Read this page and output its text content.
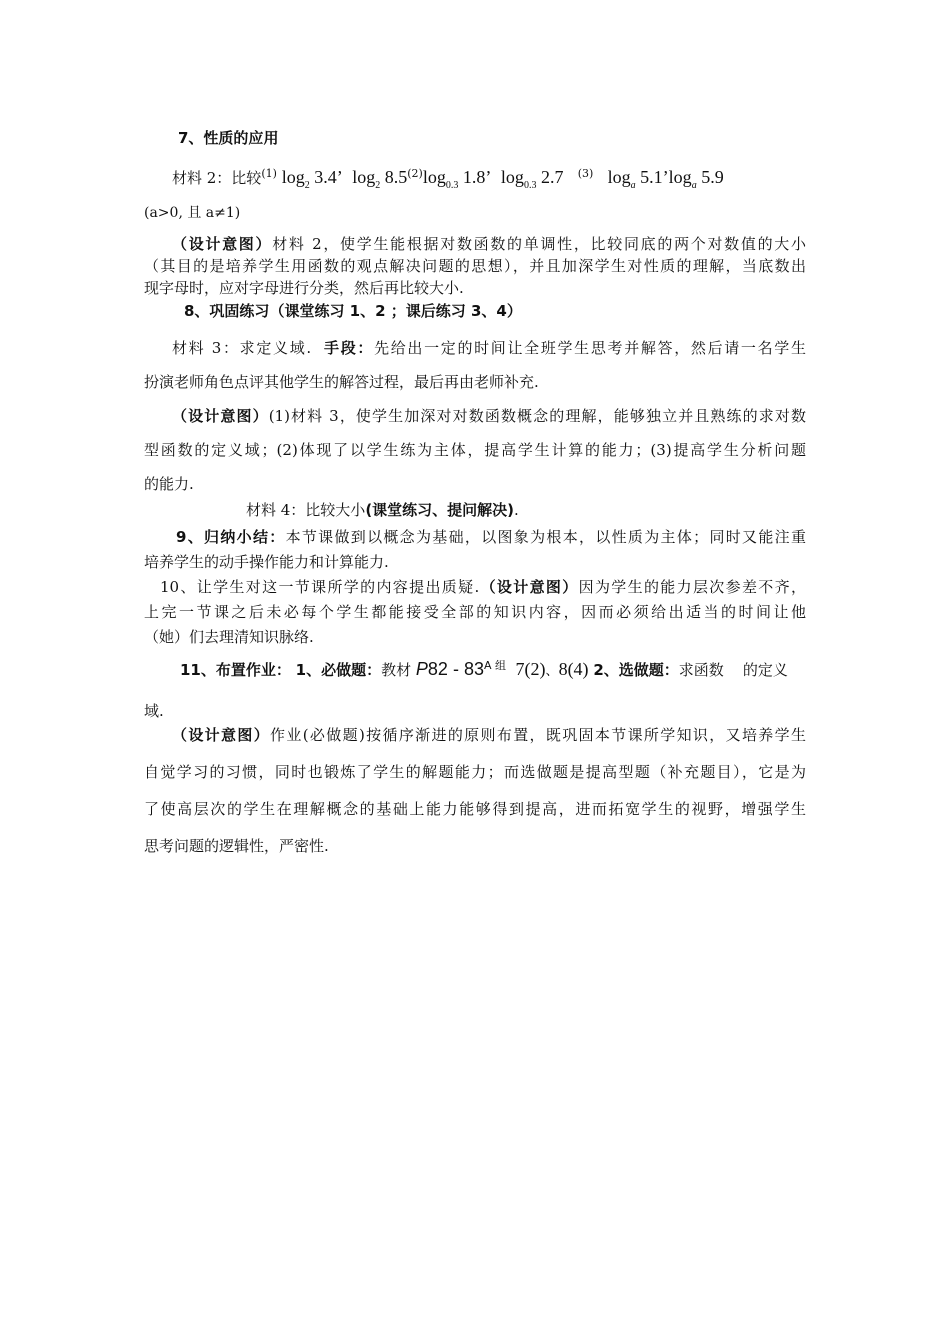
7、性质的应用
材料 2：比较$^{(1)}$ $\log_2 3.4$’ $\log_2 8.5^{(2)}\log_{0.3}$ 1.8’ $\log_{0.3} 2.7$ $^{(3)}$ $\log_a$ $5.1’\log_a$ 5.9
(a>0, 且 a≠1)
（设计意图）材料 2，使学生能根据对数函数的单调性，比较同底的两个对数值的大小
（其目的是培养学生用函数的观点解决问题的思想），并且加深学生对性质的理解，当底数出
现字母时，应对字母进行分类，然后再比较大小.
8、巩固练习（课堂练习 1、2 ；课后练习 3、4）
材料 3：求定义域. 手段：先给出一定的时间让全班学生思考并解答，然后请一名学生
扮演老师角色点评其他学生的解答过程，最后再由老师补充.
（设计意图）(1)材料 3，使学生加深对对数函数概念的理解，能够独立并且熟练的求对数
型函数的定义域；(2)体现了以学生练为主体，提高学生计算的能力；(3)提高学生分析问题
的能力.
材料 4：比较大小(课堂练习、提问解决).
9、归纳小结：本节课做到以概念为基础，以图象为根本，以性质为主体；同时又能注重
培养学生的动手操作能力和计算能力.
10、让学生对这一节课所学的内容提出质疑.（设计意图）因为学生的能力层次参差不齐，
上完一节课之后未必每个学生都能接受全部的知识内容，因而必须给出适当的时间让他
（她）们去理清知识脉络.
11、布置作业： 1、必做题：教材 $P82 - 83^{A 组}$ 7(2)、8(4) 2、选做题：求函数 的定义
域.
（设计意图）作业(必做题)按循序渐进的原则布置，既巩固本节课所学知识，又培养学生
自觉学习的习惯，同时也锻炼了学生的解题能力；而选做题是提高型题（补充题目），它是为
了使高层次的学生在理解概念的基础上能力能够得到提高，进而拓宽学生的视野，增强学生
思考问题的逻辑性，严密性.
